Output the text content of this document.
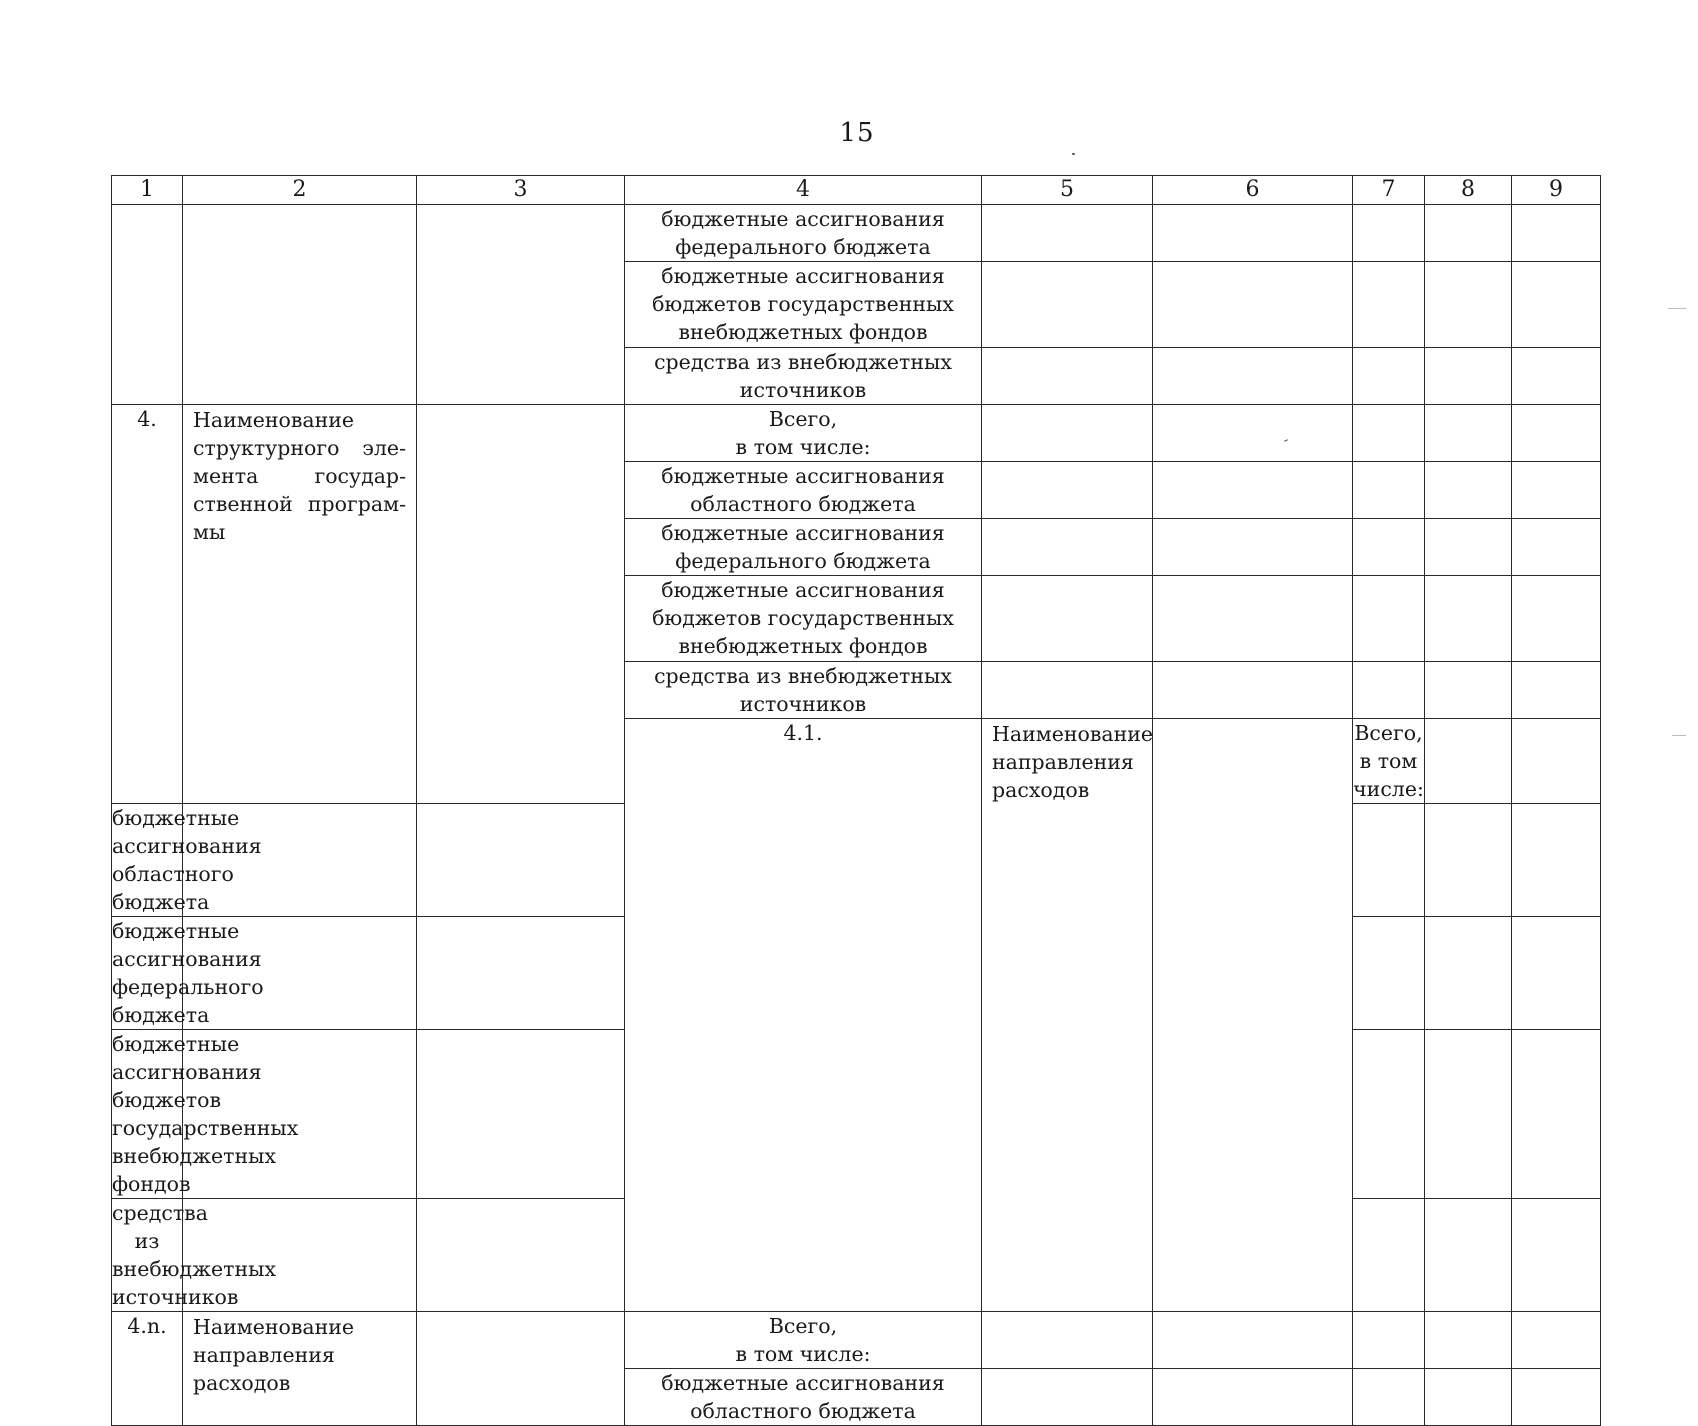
15
1	2	3	4	5	6	7	8	9	

			бюджетные ассигнования
федерального бюджета						

			бюджетные ассигнования
бюджетов государственных
внебюджетных фондов						

			средства из внебюджетных
источников						

4.	Наименование структурного элемента государственной программы		Всего,
в том числе:						

			бюджетные ассигнования
областного бюджета						

			бюджетные ассигнования
федерального бюджета						

			бюджетные ассигнования
бюджетов государственных
внебюджетных фондов						

			средства из внебюджетных
источников						

			4.1.	Наименование направления расходов		Всего,
в том числе:			

бюджетные ассигнования
областного бюджета									

бюджетные ассигнования
федерального бюджета									

бюджетные ассигнования
бюджетов государственных
внебюджетных фондов									

средства из внебюджетных
источников									

4.n.	Наименование направления расходов		Всего,
в том числе:						

			бюджетные ассигнования
областного бюджета						
